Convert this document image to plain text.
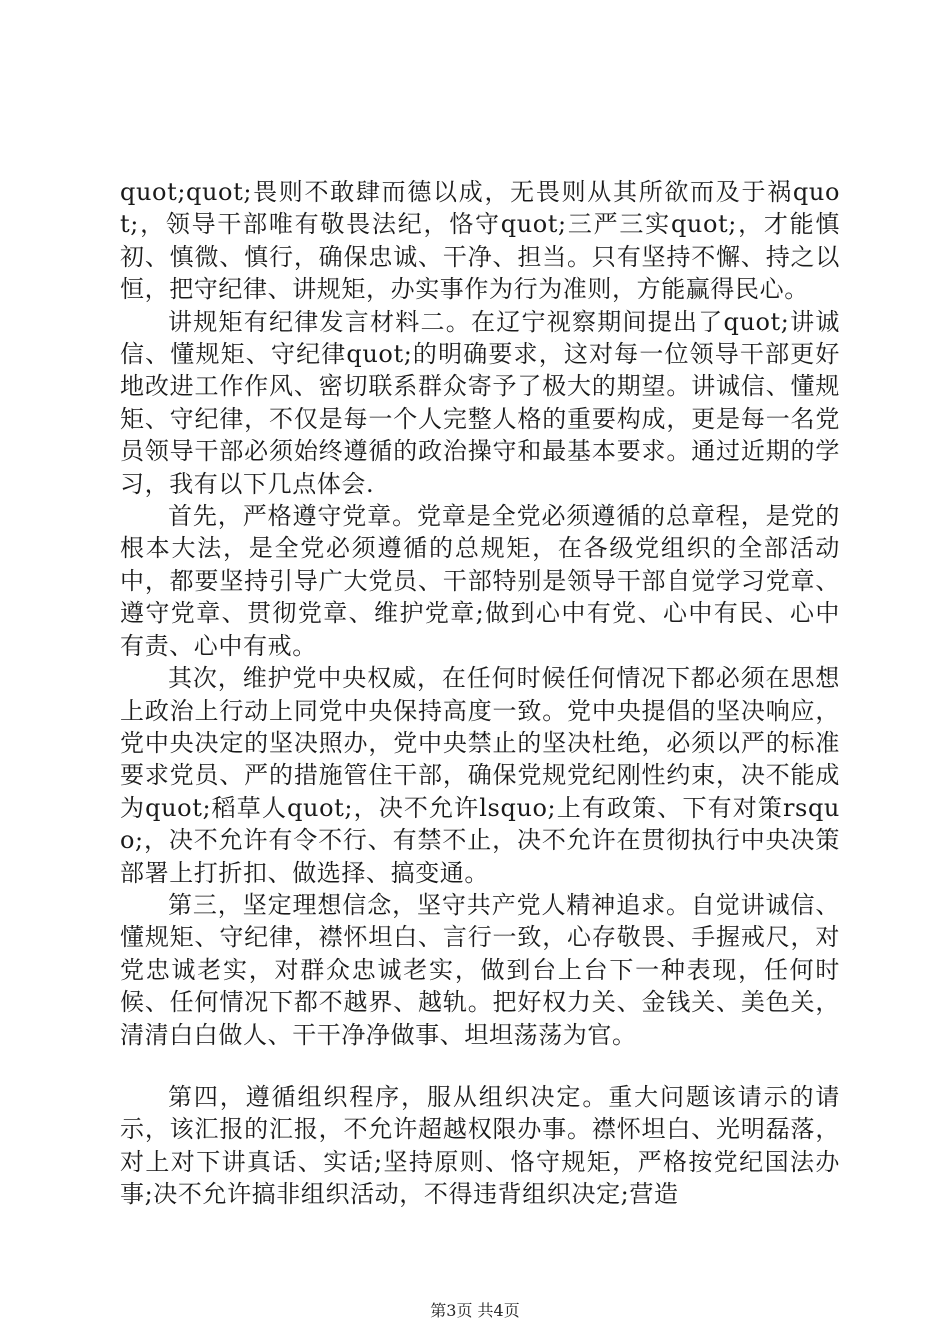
quot;quot;畏则不敢肆而德以成，无畏则从其所欲而及于祸quot;，领导干部唯有敬畏法纪，恪守quot;三严三实quot;，才能慎初、慎微、慎行，确保忠诚、干净、担当。只有坚持不懈、持之以恒，把守纪律、讲规矩，办实事作为行为准则，方能赢得民心。

讲规矩有纪律发言材料二。在辽宁视察期间提出了quot;讲诚信、懂规矩、守纪律quot;的明确要求，这对每一位领导干部更好地改进工作作风、密切联系群众寄予了极大的期望。讲诚信、懂规矩、守纪律，不仅是每一个人完整人格的重要构成，更是每一名党员领导干部必须始终遵循的政治操守和最基本要求。通过近期的学习，我有以下几点体会.

首先，严格遵守党章。党章是全党必须遵循的总章程，是党的根本大法，是全党必须遵循的总规矩，在各级党组织的全部活动中，都要坚持引导广大党员、干部特别是领导干部自觉学习党章、遵守党章、贯彻党章、维护党章;做到心中有党、心中有民、心中有责、心中有戒。

其次，维护党中央权威，在任何时候任何情况下都必须在思想上政治上行动上同党中央保持高度一致。党中央提倡的坚决响应，党中央决定的坚决照办，党中央禁止的坚决杜绝，必须以严的标准要求党员、严的措施管住干部，确保党规党纪刚性约束，决不能成为quot;稻草人quot;，决不允许lsquo;上有政策、下有对策rsquo;，决不允许有令不行、有禁不止，决不允许在贯彻执行中央决策部署上打折扣、做选择、搞变通。

第三，坚定理想信念，坚守共产党人精神追求。自觉讲诚信、懂规矩、守纪律，襟怀坦白、言行一致，心存敬畏、手握戒尺，对党忠诚老实，对群众忠诚老实，做到台上台下一种表现，任何时候、任何情况下都不越界、越轨。把好权力关、金钱关、美色关，清清白白做人、干干净净做事、坦坦荡荡为官。

第四，遵循组织程序，服从组织决定。重大问题该请示的请示，该汇报的汇报，不允许超越权限办事。襟怀坦白、光明磊落，对上对下讲真话、实话;坚持原则、恪守规矩，严格按党纪国法办事;决不允许搞非组织活动，不得违背组织决定;营造

第3页 共4页
